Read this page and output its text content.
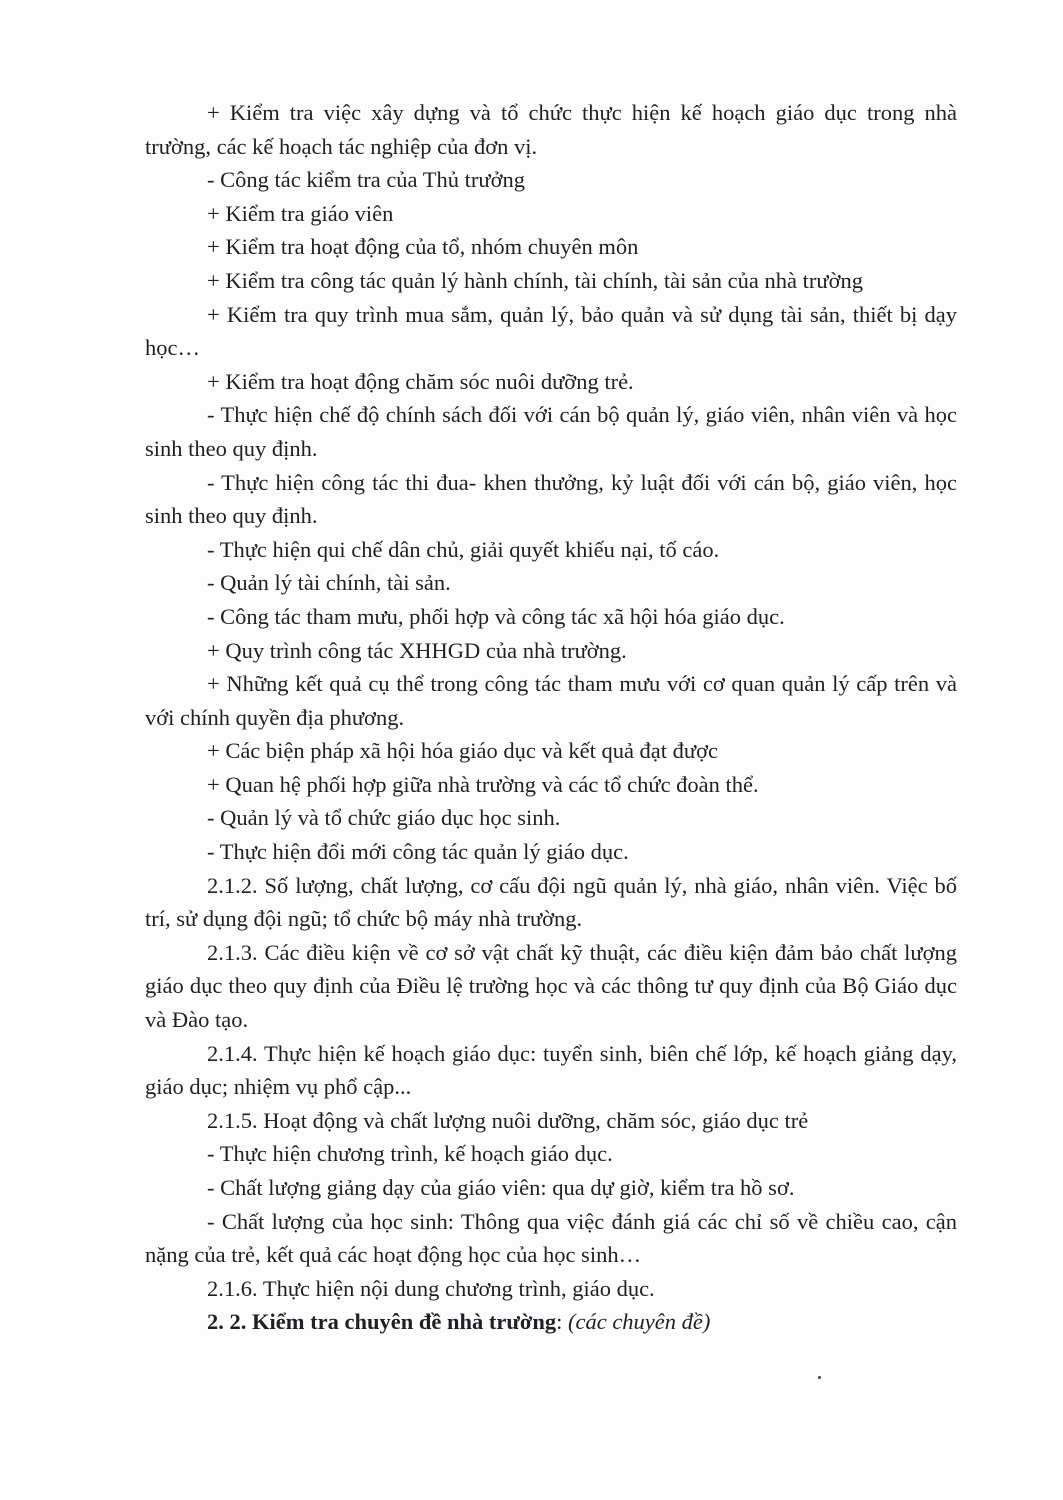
+ Kiểm tra việc xây dựng và tổ chức thực hiện kế hoạch giáo dục trong nhà trường, các kế hoạch tác nghiệp của đơn vị.

- Công tác kiểm tra của Thủ trưởng

+ Kiểm tra giáo viên

+ Kiểm tra hoạt động của tổ, nhóm chuyên môn

+ Kiểm tra công tác quản lý hành chính, tài chính, tài sản của nhà trường

+ Kiểm tra quy trình mua sắm, quản lý, bảo quản và sử dụng tài sản, thiết bị dạy học…

+ Kiểm tra hoạt động chăm sóc nuôi dưỡng trẻ.

- Thực hiện chế độ chính sách đối với cán bộ quản lý, giáo viên, nhân viên và học sinh theo quy định.

- Thực hiện công tác thi đua- khen thưởng, kỷ luật đối với cán bộ, giáo viên, học sinh theo quy định.

- Thực hiện qui chế dân chủ, giải quyết khiếu nại, tố cáo.

- Quản lý tài chính, tài sản.

- Công tác tham mưu, phối hợp và công tác xã hội hóa giáo dục.

+ Quy trình công tác XHHGD của nhà trường.

+ Những kết quả cụ thể trong công tác tham mưu với cơ quan quản lý cấp trên và với chính quyền địa phương.

+ Các biện pháp xã hội hóa giáo dục và kết quả đạt được

+ Quan hệ phối hợp giữa nhà trường và các tổ chức đoàn thể.

- Quản lý và tổ chức giáo dục học sinh.

- Thực hiện đổi mới công tác quản lý giáo dục.

2.1.2. Số lượng, chất lượng, cơ cấu đội ngũ quản lý, nhà giáo, nhân viên. Việc bố trí, sử dụng đội ngũ; tổ chức bộ máy nhà trường.

2.1.3. Các điều kiện về cơ sở vật chất kỹ thuật, các điều kiện đảm bảo chất lượng giáo dục theo quy định của Điều lệ trường học và các thông tư quy định của Bộ Giáo dục và Đào tạo.

2.1.4. Thực hiện kế hoạch giáo dục: tuyển sinh, biên chế lớp, kế hoạch giảng dạy, giáo dục; nhiệm vụ phổ cập...

2.1.5. Hoạt động và chất lượng nuôi dưỡng, chăm sóc, giáo dục trẻ

- Thực hiện chương trình, kế hoạch giáo dục.

- Chất lượng giảng dạy của giáo viên: qua dự giờ, kiểm tra hồ sơ.

- Chất lượng của học sinh: Thông qua việc đánh giá các chỉ số về chiều cao, cận nặng của trẻ, kết quả các hoạt động học của học sinh…

2.1.6. Thực hiện nội dung chương trình, giáo dục.

2. 2. Kiểm tra chuyên đề nhà trường: (các chuyên đề)
